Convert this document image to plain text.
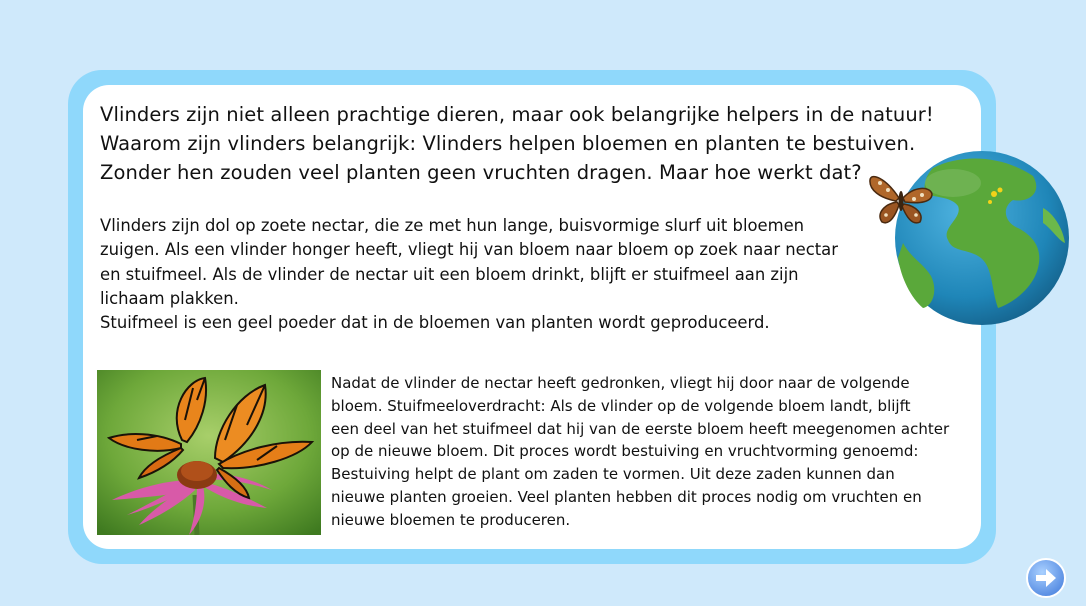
Vlinders zijn niet alleen prachtige dieren, maar ook belangrijke helpers in de natuur!
Waarom zijn vlinders belangrijk: Vlinders helpen bloemen en planten te bestuiven.
Zonder hen zouden veel planten geen vruchten dragen. Maar hoe werkt dat?
Vlinders zijn dol op zoete nectar, die ze met hun lange, buisvormige slurf uit bloemen
zuigen. Als een vlinder honger heeft, vliegt hij van bloem naar bloem op zoek naar nectar
en stuifmeel. Als de vlinder de nectar uit een bloem drinkt, blijft er stuifmeel aan zijn
lichaam plakken.
Stuifmeel is een geel poeder dat in de bloemen van planten wordt geproduceerd.
Nadat de vlinder de nectar heeft gedronken, vliegt hij door naar de volgende
bloem. Stuifmeeloverdracht: Als de vlinder op de volgende bloem landt, blijft
een deel van het stuifmeel dat hij van de eerste bloem heeft meegenomen achter
op de nieuwe bloem. Dit proces wordt bestuiving en vruchtvorming genoemd:
Bestuiving helpt de plant om zaden te vormen. Uit deze zaden kunnen dan
nieuwe planten groeien. Veel planten hebben dit proces nodig om vruchten en
nieuwe bloemen te produceren.
